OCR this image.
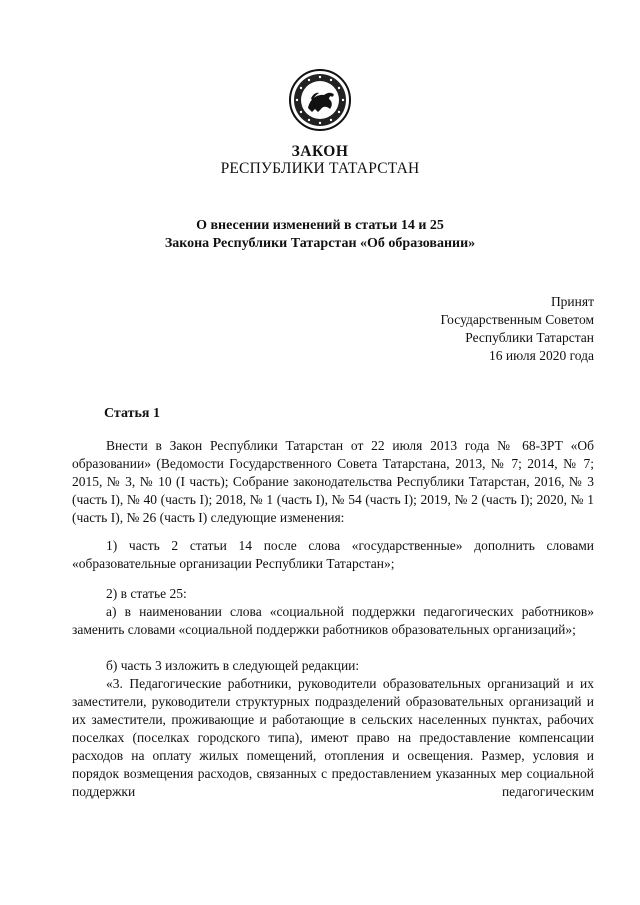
ЗАКОН
РЕСПУБЛИКИ ТАТАРСТАН
О внесении изменений в статьи 14 и 25
Закона Республики Татарстан «Об образовании»
Принят
Государственным Советом
Республики Татарстан
16 июля 2020 года
Статья 1

Внести в Закон Республики Татарстан от 22 июля 2013 года № 68-ЗРТ «Об образовании» (Ведомости Государственного Совета Татарстана, 2013, № 7; 2014, № 7; 2015, № 3, № 10 (I часть); Собрание законодательства Республики Татарстан, 2016, № 3 (часть I), № 40 (часть I); 2018, № 1 (часть I), № 54 (часть I); 2019, № 2 (часть I); 2020, № 1 (часть I), № 26 (часть I) следующие изменения:

1) часть 2 статьи 14 после слова «государственные» дополнить словами «образовательные организации Республики Татарстан»;

2) в статье 25:

а) в наименовании слова «социальной поддержки педагогических работников» заменить словами «социальной поддержки работников образовательных организаций»;

б) часть 3 изложить в следующей редакции:

«3. Педагогические работники, руководители образовательных организаций и их заместители, руководители структурных подразделений образовательных организаций и их заместители, проживающие и работающие в сельских населенных пунктах, рабочих поселках (поселках городского типа), имеют право на предоставление компенсации расходов на оплату жилых помещений, отопления и освещения. Размер, условия и порядок возмещения расходов, связанных с предоставлением указанных мер социальной поддержки педагогическим
